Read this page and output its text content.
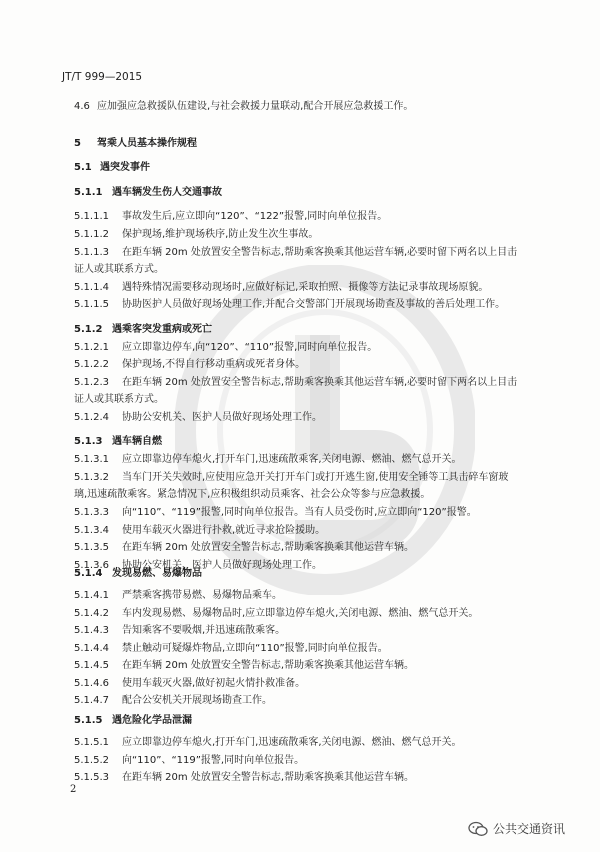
JT/T 999—2015
4.6 应加强应急救援队伍建设,与社会救援力量联动,配合开展应急救援工作。
5 驾乘人员基本操作规程
5.1 遇突发事件
5.1.1 遇车辆发生伤人交通事故
5.1.1.1 事故发生后,应立即向“120”、“122”报警,同时向单位报告。
5.1.1.2 保护现场,维护现场秩序,防止发生次生事故。
5.1.1.3 在距车辆 20m 处放置安全警告标志,帮助乘客换乘其他运营车辆,必要时留下两名以上目击
证人或其联系方式。
5.1.1.4 遇特殊情况需要移动现场时,应做好标记,采取拍照、摄像等方法记录事故现场原貌。
5.1.1.5 协助医护人员做好现场处理工作,并配合交警部门开展现场勘查及事故的善后处理工作。
5.1.2 遇乘客突发重病或死亡
5.1.2.1 应立即靠边停车,向“120”、“110”报警,同时向单位报告。
5.1.2.2 保护现场,不得自行移动重病或死者身体。
5.1.2.3 在距车辆 20m 处放置安全警告标志,帮助乘客换乘其他运营车辆,必要时留下两名以上目击
证人或其联系方式。
5.1.2.4 协助公安机关、医护人员做好现场处理工作。
5.1.3 遇车辆自燃
5.1.3.1 应立即靠边停车熄火,打开车门,迅速疏散乘客,关闭电源、燃油、燃气总开关。
5.1.3.2 当车门开关失效时,应使用应急开关打开车门或打开逃生窗,使用安全锤等工具击碎车窗玻
璃,迅速疏散乘客。紧急情况下,应积极组织动员乘客、社会公众等参与应急救援。
5.1.3.3 向“110”、“119”报警,同时向单位报告。当有人员受伤时,应立即向“120”报警。
5.1.3.4 使用车载灭火器进行扑救,就近寻求抢险援助。
5.1.3.5 在距车辆 20m 处放置安全警告标志,帮助乘客换乘其他运营车辆。
5.1.3.6 协助公安机关、医护人员做好现场处理工作。
5.1.4 发现易燃、易爆物品
5.1.4.1 严禁乘客携带易燃、易爆物品乘车。
5.1.4.2 车内发现易燃、易爆物品时,应立即靠边停车熄火,关闭电源、燃油、燃气总开关。
5.1.4.3 告知乘客不要吸烟,并迅速疏散乘客。
5.1.4.4 禁止触动可疑爆炸物品,立即向“110”报警,同时向单位报告。
5.1.4.5 在距车辆 20m 处放置安全警告标志,帮助乘客换乘其他运营车辆。
5.1.4.6 使用车载灭火器,做好初起火情扑救准备。
5.1.4.7 配合公安机关开展现场勘查工作。
5.1.5 遇危险化学品泄漏
5.1.5.1 应立即靠边停车熄火,打开车门,迅速疏散乘客,关闭电源、燃油、燃气总开关。
5.1.5.2 向“110”、“119”报警,同时向单位报告。
5.1.5.3 在距车辆 20m 处放置安全警告标志,帮助乘客换乘其他运营车辆。
2
公共交通资讯
